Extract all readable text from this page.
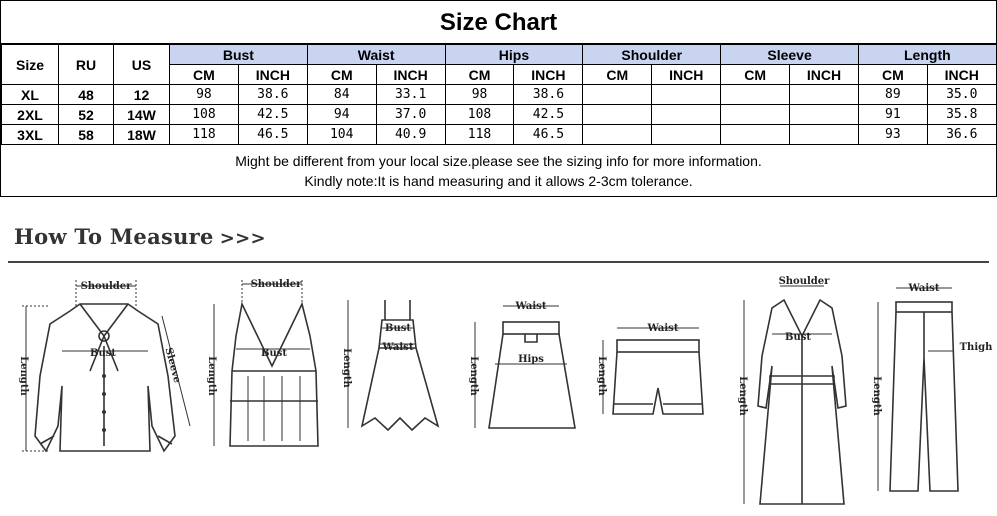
Size Chart
Size	RU	US	Bust		Waist		Hips		Shoulder		Sleeve		Length	
			CM	INCH	CM	INCH	CM	INCH	CM	INCH	CM	INCH	CM	INCH
XL	48	12	98	38.6	84	33.1	98	38.6					89	35.0
2XL	52	14W	108	42.5	94	37.0	108	42.5					91	35.8
3XL	58	18W	118	46.5	104	40.9	118	46.5					93	36.6
Might be different from your local size.please see the sizing info for more information.
Kindly note:It is hand measuring and it allows 2-3cm tolerance.
How To Measure >>>
Shoulder
Bust
Length	Sleeve
Shoulder
Bust
Length
Bust
Waist
Length
Waist
Hips
Length
Waist
Length
Shoulder
Bust
Length
Waist
Thigh
Length
